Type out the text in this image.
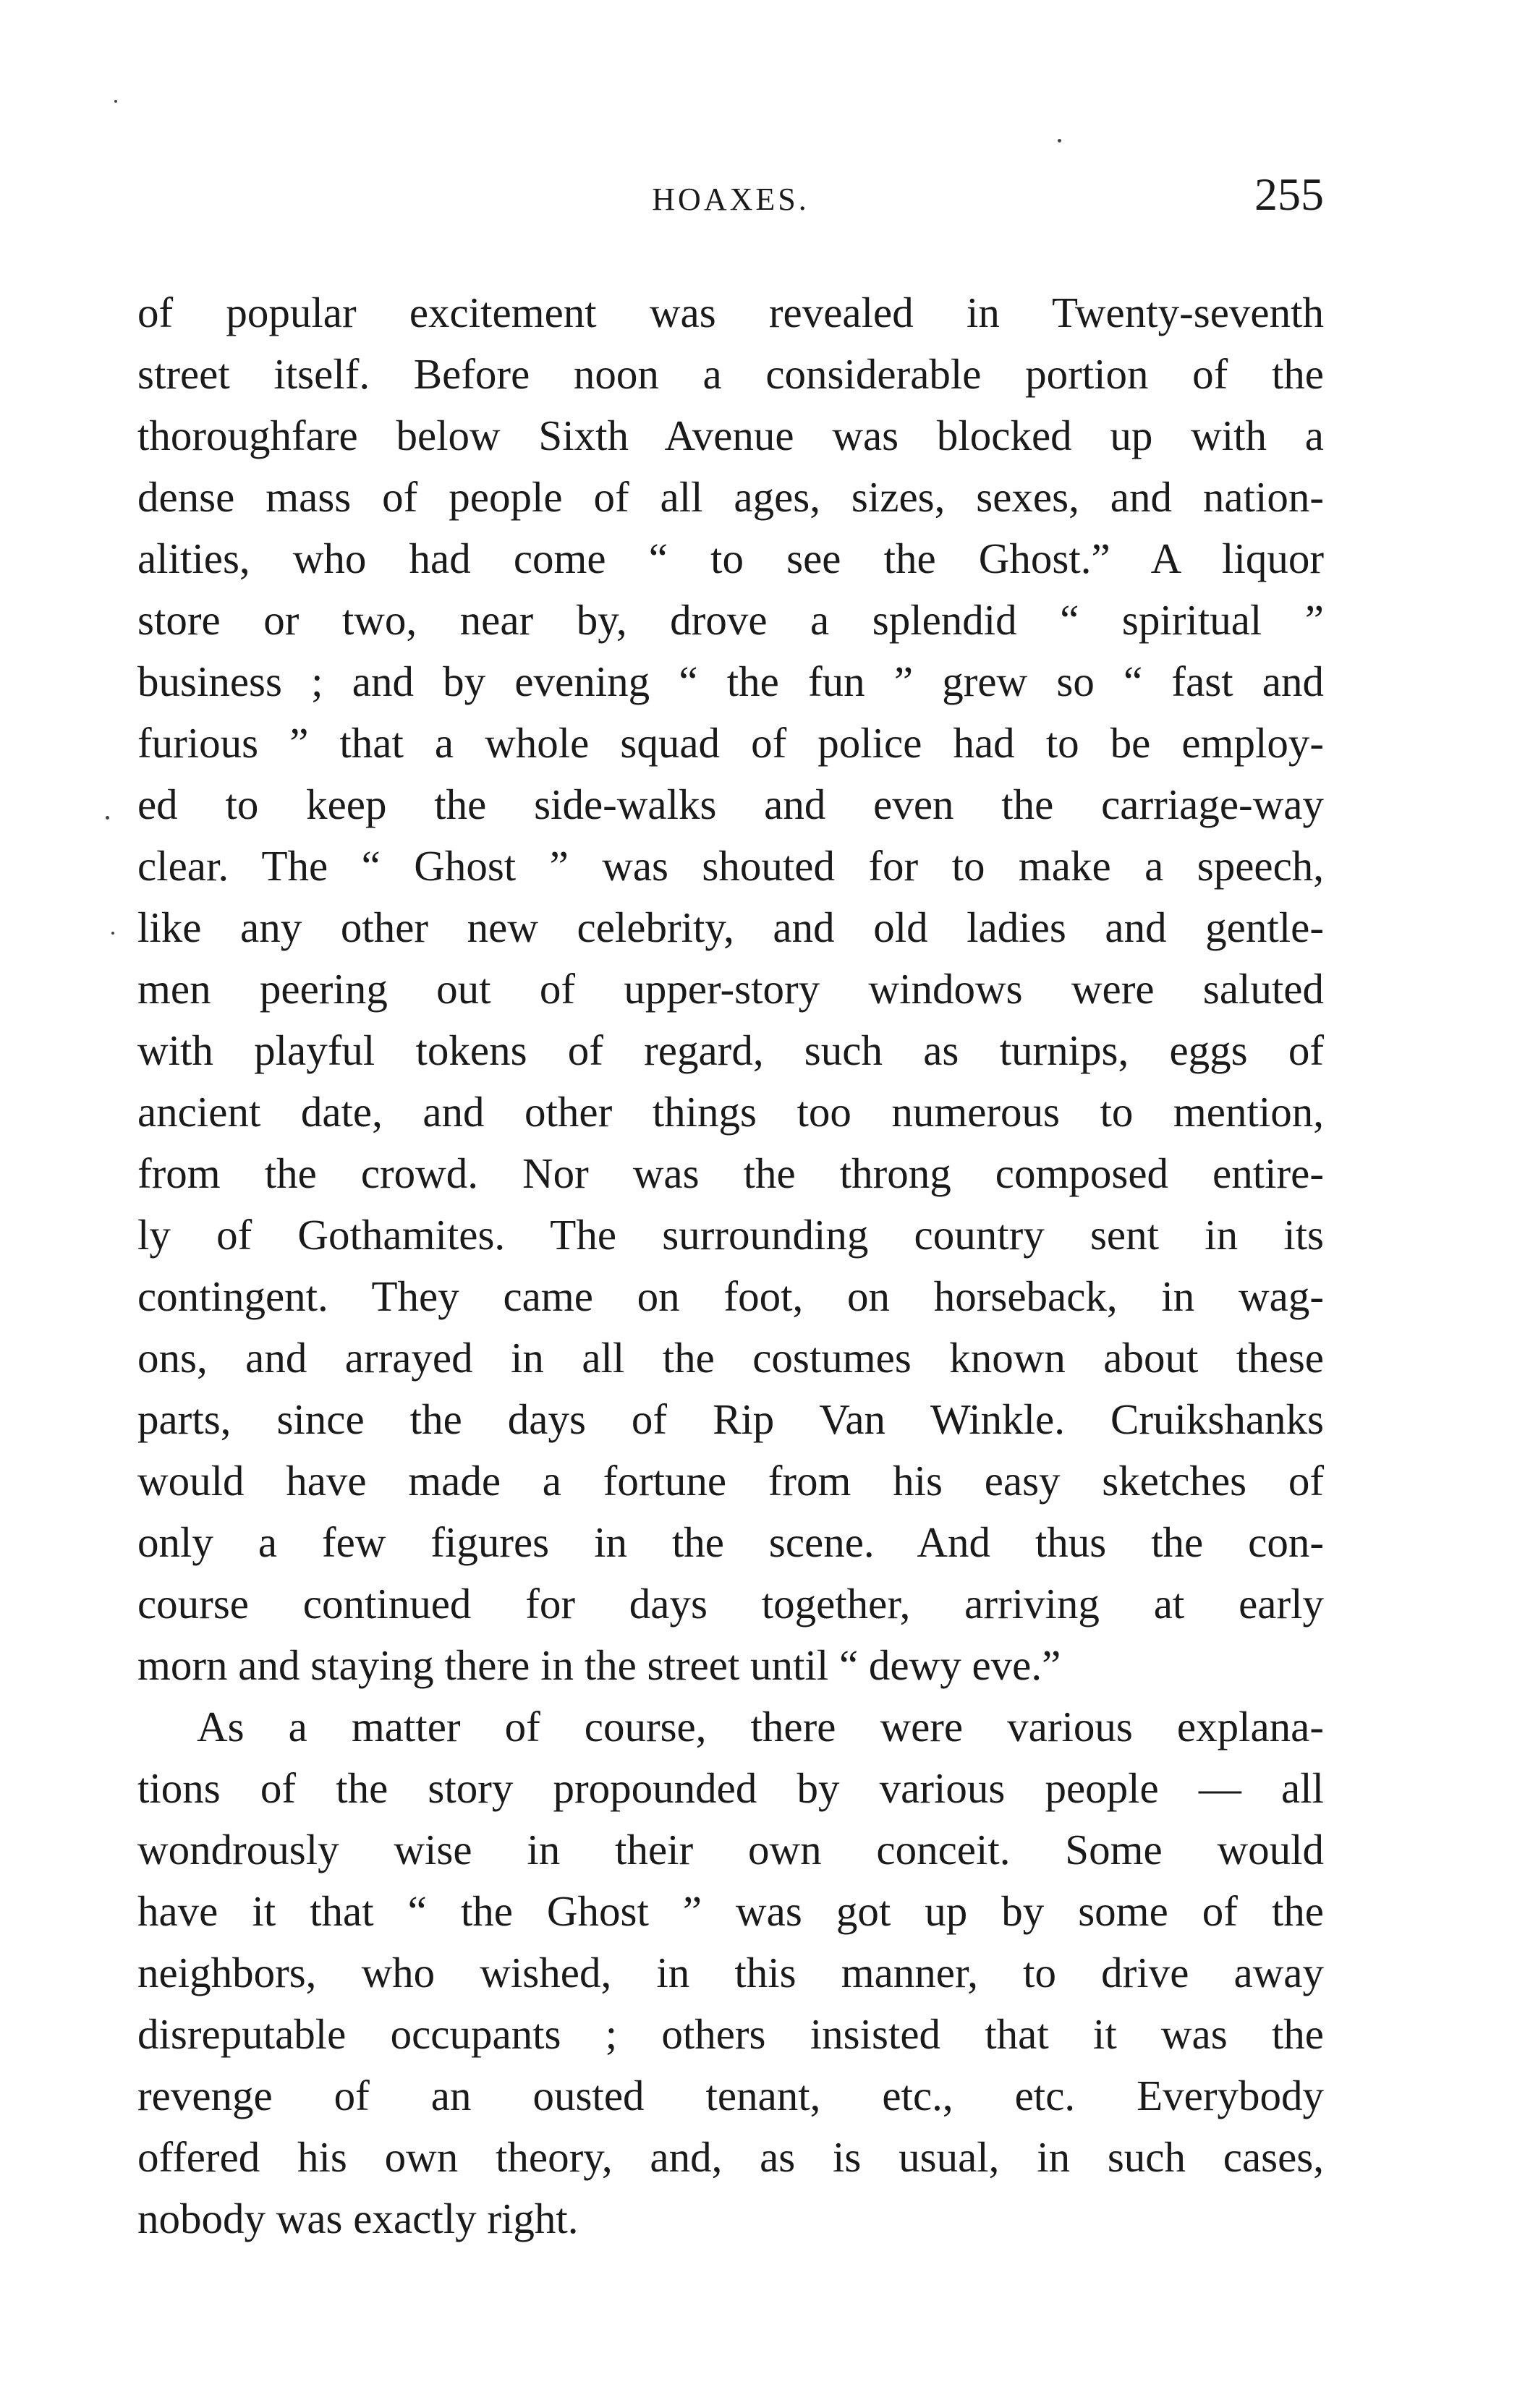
HOAXES.	255
of popular excitement was revealed in Twenty-seventh
street itself. Before noon a considerable portion of the
thoroughfare below Sixth Avenue was blocked up with a
dense mass of people of all ages, sizes, sexes, and nation-
alities, who had come “ to see the Ghost.” A liquor
store or two, near by, drove a splendid “ spiritual ”
business ; and by evening “ the fun ” grew so “ fast and
furious ” that a whole squad of police had to be employ-
ed to keep the side-walks and even the carriage-way
clear. The “ Ghost ” was shouted for to make a speech,
like any other new celebrity, and old ladies and gentle-
men peering out of upper-story windows were saluted
with playful tokens of regard, such as turnips, eggs of
ancient date, and other things too numerous to mention,
from the crowd. Nor was the throng composed entire-
ly of Gothamites. The surrounding country sent in its
contingent. They came on foot, on horseback, in wag-
ons, and arrayed in all the costumes known about these
parts, since the days of Rip Van Winkle. Cruikshanks
would have made a fortune from his easy sketches of
only a few figures in the scene. And thus the con-
course continued for days together, arriving at early
morn and staying there in the street until “ dewy eve.”
As a matter of course, there were various explana-
tions of the story propounded by various people — all
wondrously wise in their own conceit. Some would
have it that “ the Ghost ” was got up by some of the
neighbors, who wished, in this manner, to drive away
disreputable occupants ; others insisted that it was the
revenge of an ousted tenant, etc., etc. Everybody
offered his own theory, and, as is usual, in such cases,
nobody was exactly right.
